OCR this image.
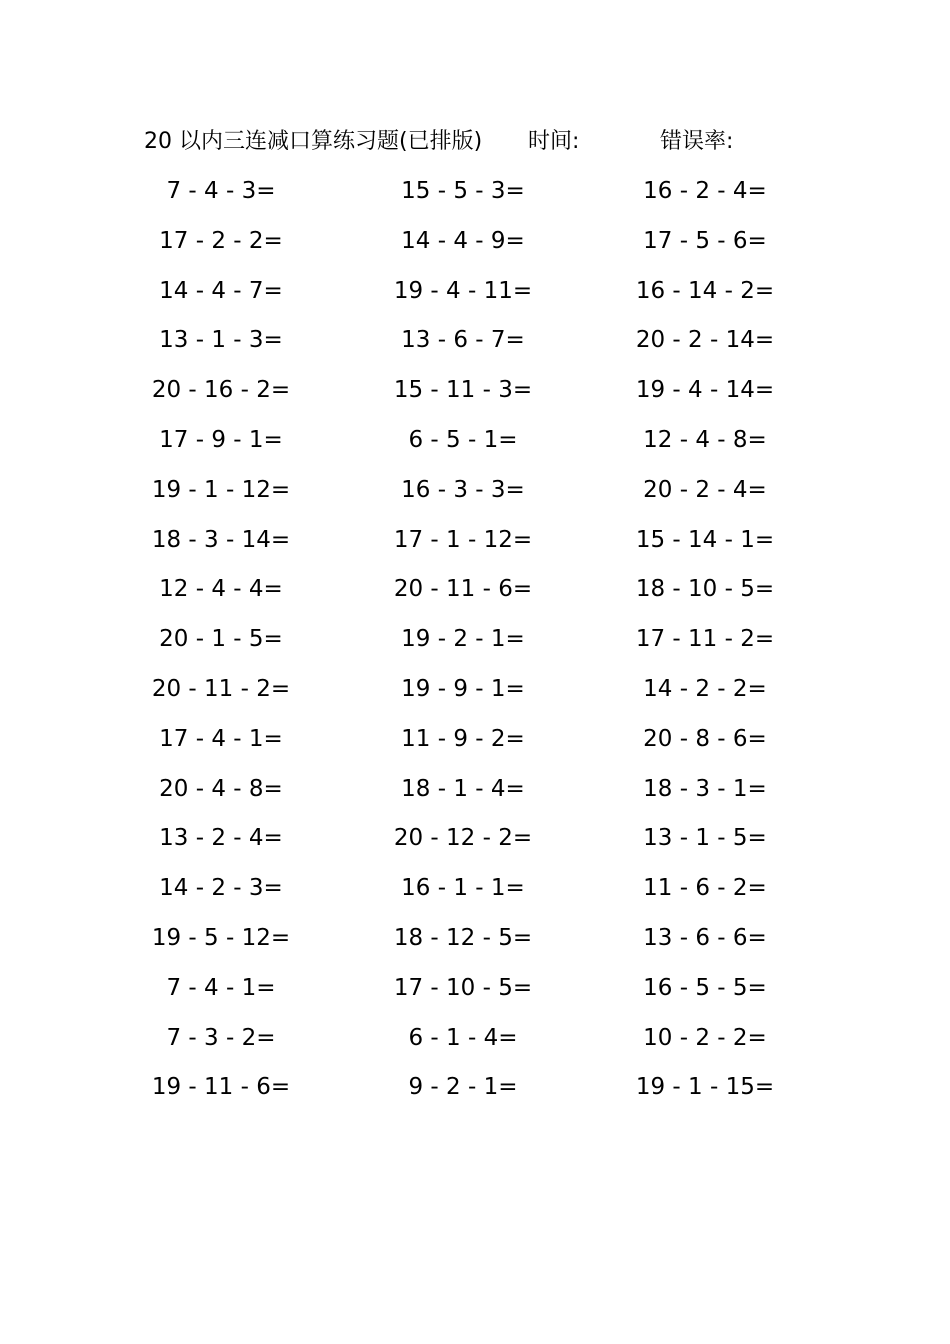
20 以内三连减口算练习题(已排版) 时间:	错误率:
7 - 4 - 3=	15 - 5 - 3=	16 - 2 - 4=
17 - 2 - 2=	14 - 4 - 9=	17 - 5 - 6=
14 - 4 - 7=	19 - 4 - 11=	16 - 14 - 2=
13 - 1 - 3=	13 - 6 - 7=	20 - 2 - 14=
20 - 16 - 2=	15 - 11 - 3=	19 - 4 - 14=
17 - 9 - 1=	6 - 5 - 1=	12 - 4 - 8=
19 - 1 - 12=	16 - 3 - 3=	20 - 2 - 4=
18 - 3 - 14=	17 - 1 - 12=	15 - 14 - 1=
12 - 4 - 4=	20 - 11 - 6=	18 - 10 - 5=
20 - 1 - 5=	19 - 2 - 1=	17 - 11 - 2=
20 - 11 - 2=	19 - 9 - 1=	14 - 2 - 2=
17 - 4 - 1=	11 - 9 - 2=	20 - 8 - 6=
20 - 4 - 8=	18 - 1 - 4=	18 - 3 - 1=
13 - 2 - 4=	20 - 12 - 2=	13 - 1 - 5=
14 - 2 - 3=	16 - 1 - 1=	11 - 6 - 2=
19 - 5 - 12=	18 - 12 - 5=	13 - 6 - 6=
7 - 4 - 1=	17 - 10 - 5=	16 - 5 - 5=
7 - 3 - 2=	6 - 1 - 4=	10 - 2 - 2=
19 - 11 - 6=	9 - 2 - 1=	19 - 1 - 15=
